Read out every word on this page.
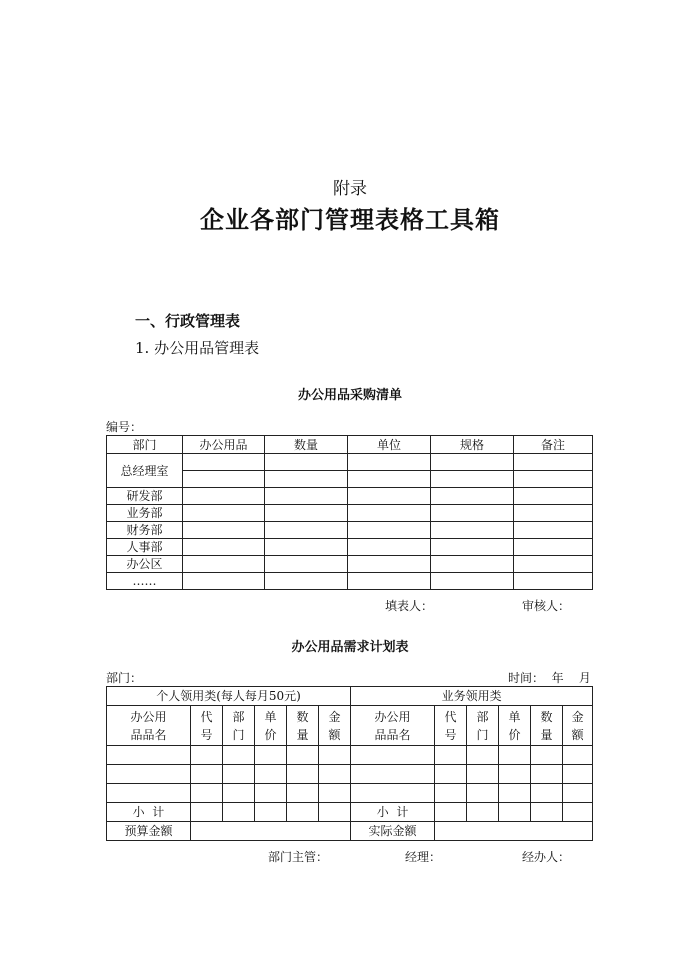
附录
企业各部门管理表格工具箱
一、行政管理表
1. 办公用品管理表
办公用品采购清单
编号：
部门	办公用品	数量	单位	规格	备注
总经理室					

研发部					
业务部					
财务部					
人事部					
办公区					
……					
填表人：	审核人：
办公用品需求计划表
部门：	时间：  年    月
个人领用类(每人每月50元)						业务领用类					
办公用品品名	代号	部门	单价	数量	金额	办公用品品名	代号	部门	单价	数量	金额

小  计						小  计					
预算金额						实际金额					
部门主管：	经理：	经办人：
